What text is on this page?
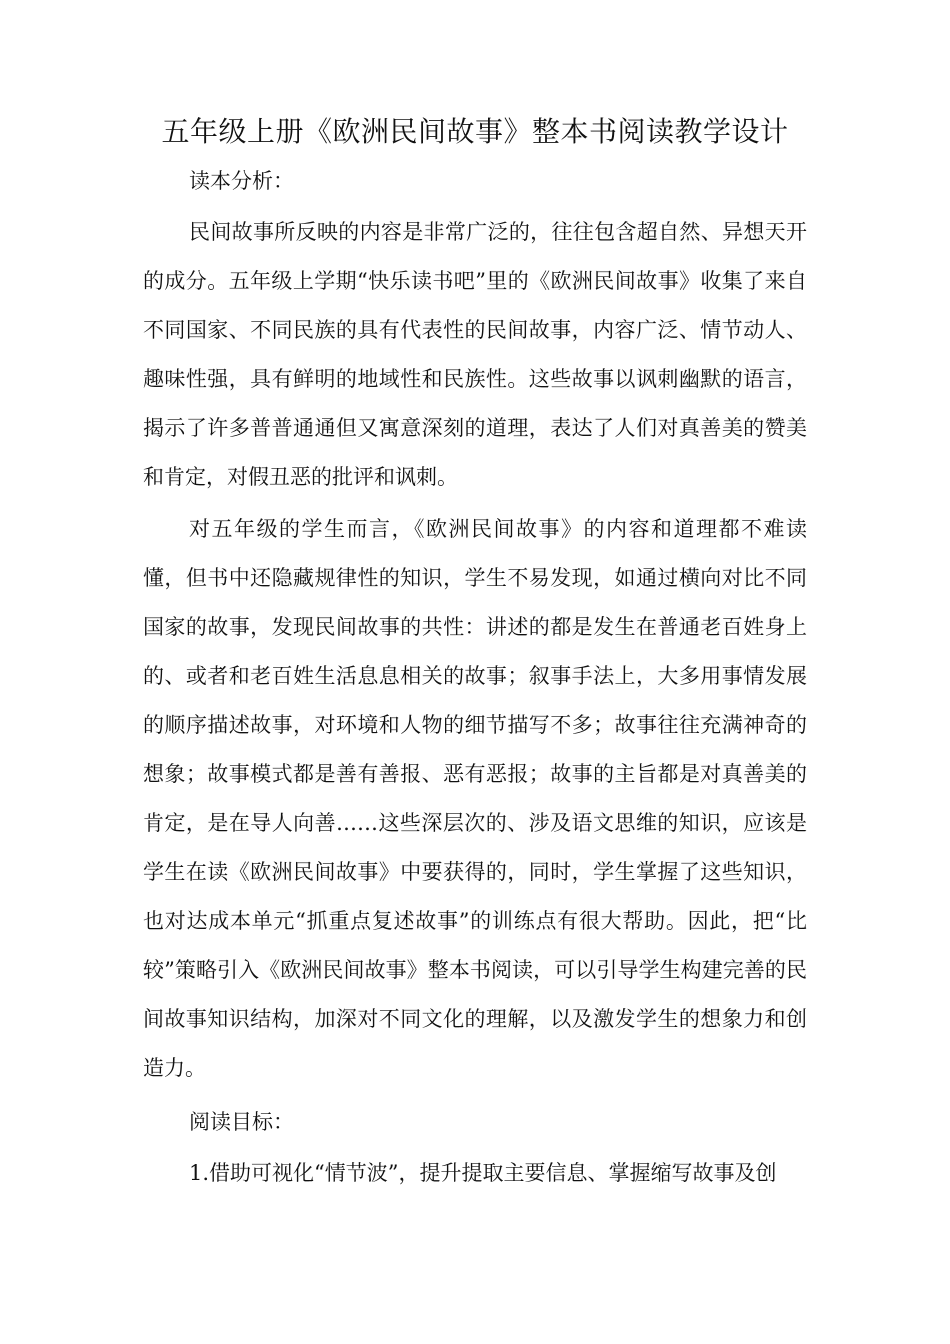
五年级上册《欧洲民间故事》整本书阅读教学设计
读本分析：

民间故事所反映的内容是非常广泛的，往往包含超自然、异想天开的成分。五年级上学期“快乐读书吧”里的《欧洲民间故事》收集了来自不同国家、不同民族的具有代表性的民间故事，内容广泛、情节动人、趣味性强，具有鲜明的地域性和民族性。这些故事以讽刺幽默的语言，揭示了许多普普通通但又寓意深刻的道理，表达了人们对真善美的赞美和肯定，对假丑恶的批评和讽刺。

对五年级的学生而言，《欧洲民间故事》的内容和道理都不难读懂，但书中还隐藏规律性的知识，学生不易发现，如通过横向对比不同国家的故事，发现民间故事的共性：讲述的都是发生在普通老百姓身上的、或者和老百姓生活息息相关的故事；叙事手法上，大多用事情发展的顺序描述故事，对环境和人物的细节描写不多；故事往往充满神奇的想象；故事模式都是善有善报、恶有恶报；故事的主旨都是对真善美的肯定，是在导人向善……这些深层次的、涉及语文思维的知识，应该是学生在读《欧洲民间故事》中要获得的，同时，学生掌握了这些知识，也对达成本单元“抓重点复述故事”的训练点有很大帮助。因此，把“比较”策略引入《欧洲民间故事》整本书阅读，可以引导学生构建完善的民间故事知识结构，加深对不同文化的理解，以及激发学生的想象力和创造力。

阅读目标：

1.借助可视化“情节波”，提升提取主要信息、掌握缩写故事及创
